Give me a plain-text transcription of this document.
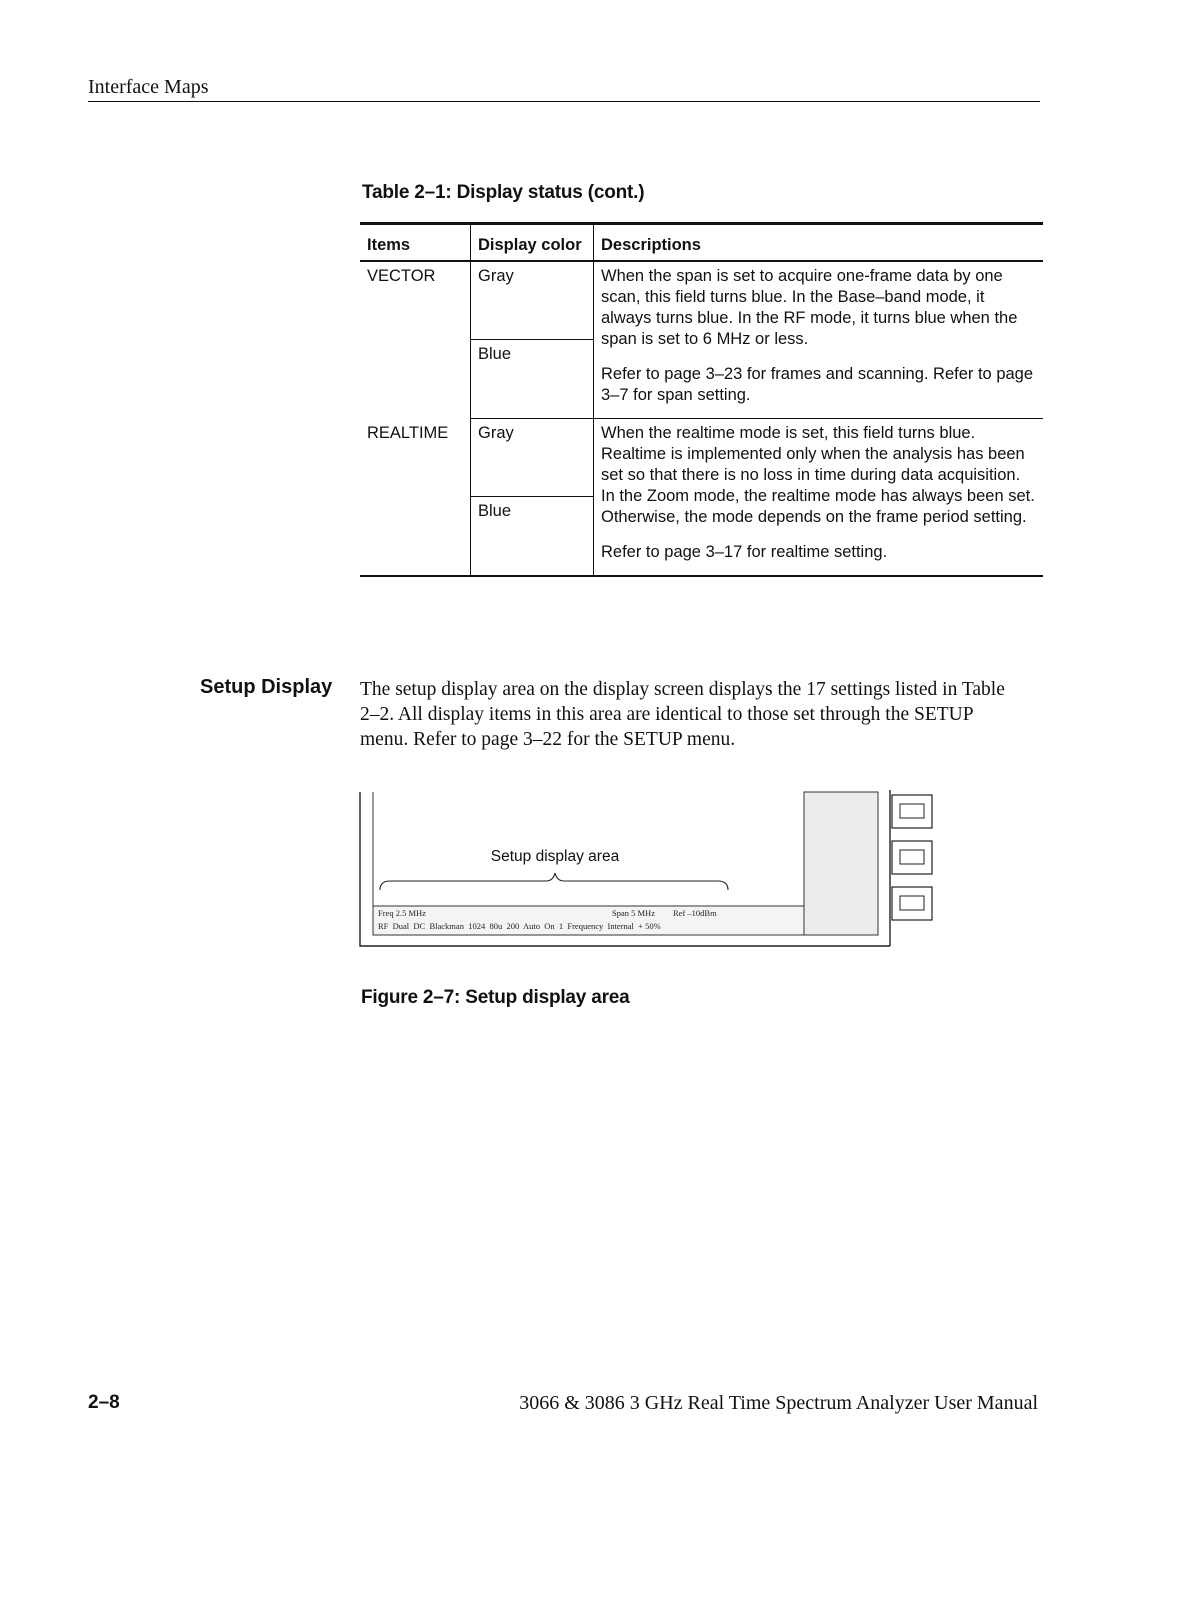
Interface Maps
Table 2–1: Display status (cont.)
Items	Display color	Descriptions
VECTOR	Gray	When the span is set to acquire one-frame data by one scan, this field turns blue. In the Base–band mode, it always turns blue. In the RF mode, it turns blue when the span is set to 6 MHz or less.

Refer to page 3–23 for frames and scanning. Refer to page 3–7 for span setting.

	Blue	
REALTIME	Gray	When the realtime mode is set, this field turns blue. Realtime is implemented only when the analysis has been set so that there is no loss in time during data acquisition. In the Zoom mode, the realtime mode has always been set. Otherwise, the mode depends on the frame period setting.

Refer to page 3–17 for realtime setting.

	Blue	
Setup Display The setup display area on the display screen displays the 17 settings listed in Table 2–2. All display items in this area are identical to those set through the SETUP menu. Refer to page 3–22 for the SETUP menu.

Setup display area
Freq 2.5 MHz	Span 5 MHz Ref –10dBm
RF  Dual  DC  Blackman  1024  80u  200  Auto  On  1  Frequency  Internal  + 50%
Figure 2–7: Setup display area
2–8	3066 & 3086 3 GHz Real Time Spectrum Analyzer User Manual
